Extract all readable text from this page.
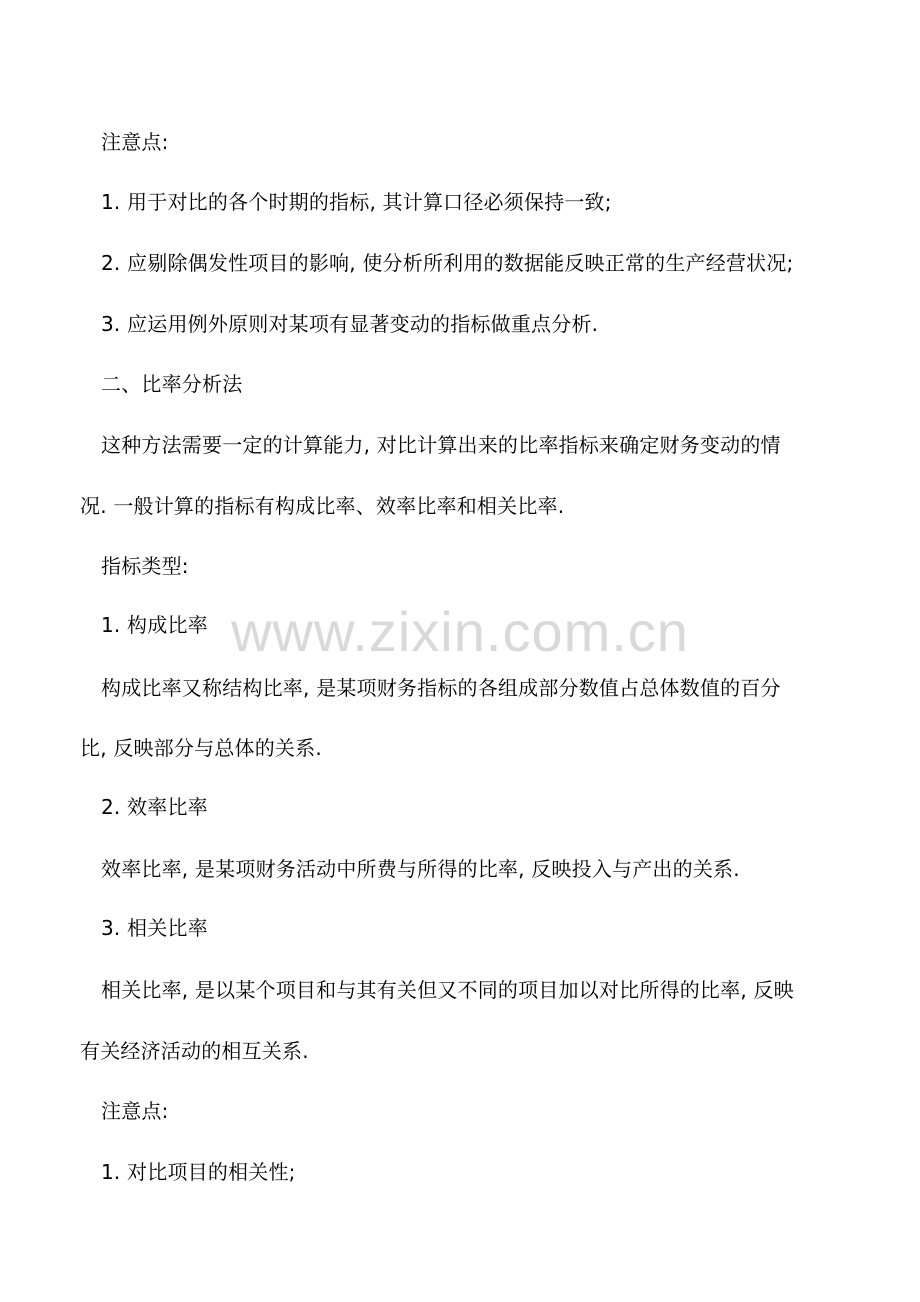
注意点:
1. 用于对比的各个时期的指标, 其计算口径必须保持一致;
2. 应剔除偶发性项目的影响, 使分析所利用的数据能反映正常的生产经营状况;
3. 应运用例外原则对某项有显著变动的指标做重点分析.
二、比率分析法
这种方法需要一定的计算能力, 对比计算出来的比率指标来确定财务变动的情
况. 一般计算的指标有构成比率、效率比率和相关比率.
指标类型:
1. 构成比率
构成比率又称结构比率, 是某项财务指标的各组成部分数值占总体数值的百分
比, 反映部分与总体的关系.
2. 效率比率
效率比率, 是某项财务活动中所费与所得的比率, 反映投入与产出的关系.
3. 相关比率
相关比率, 是以某个项目和与其有关但又不同的项目加以对比所得的比率, 反映
有关经济活动的相互关系.
注意点:
1. 对比项目的相关性;
www.zixin.com.cn
